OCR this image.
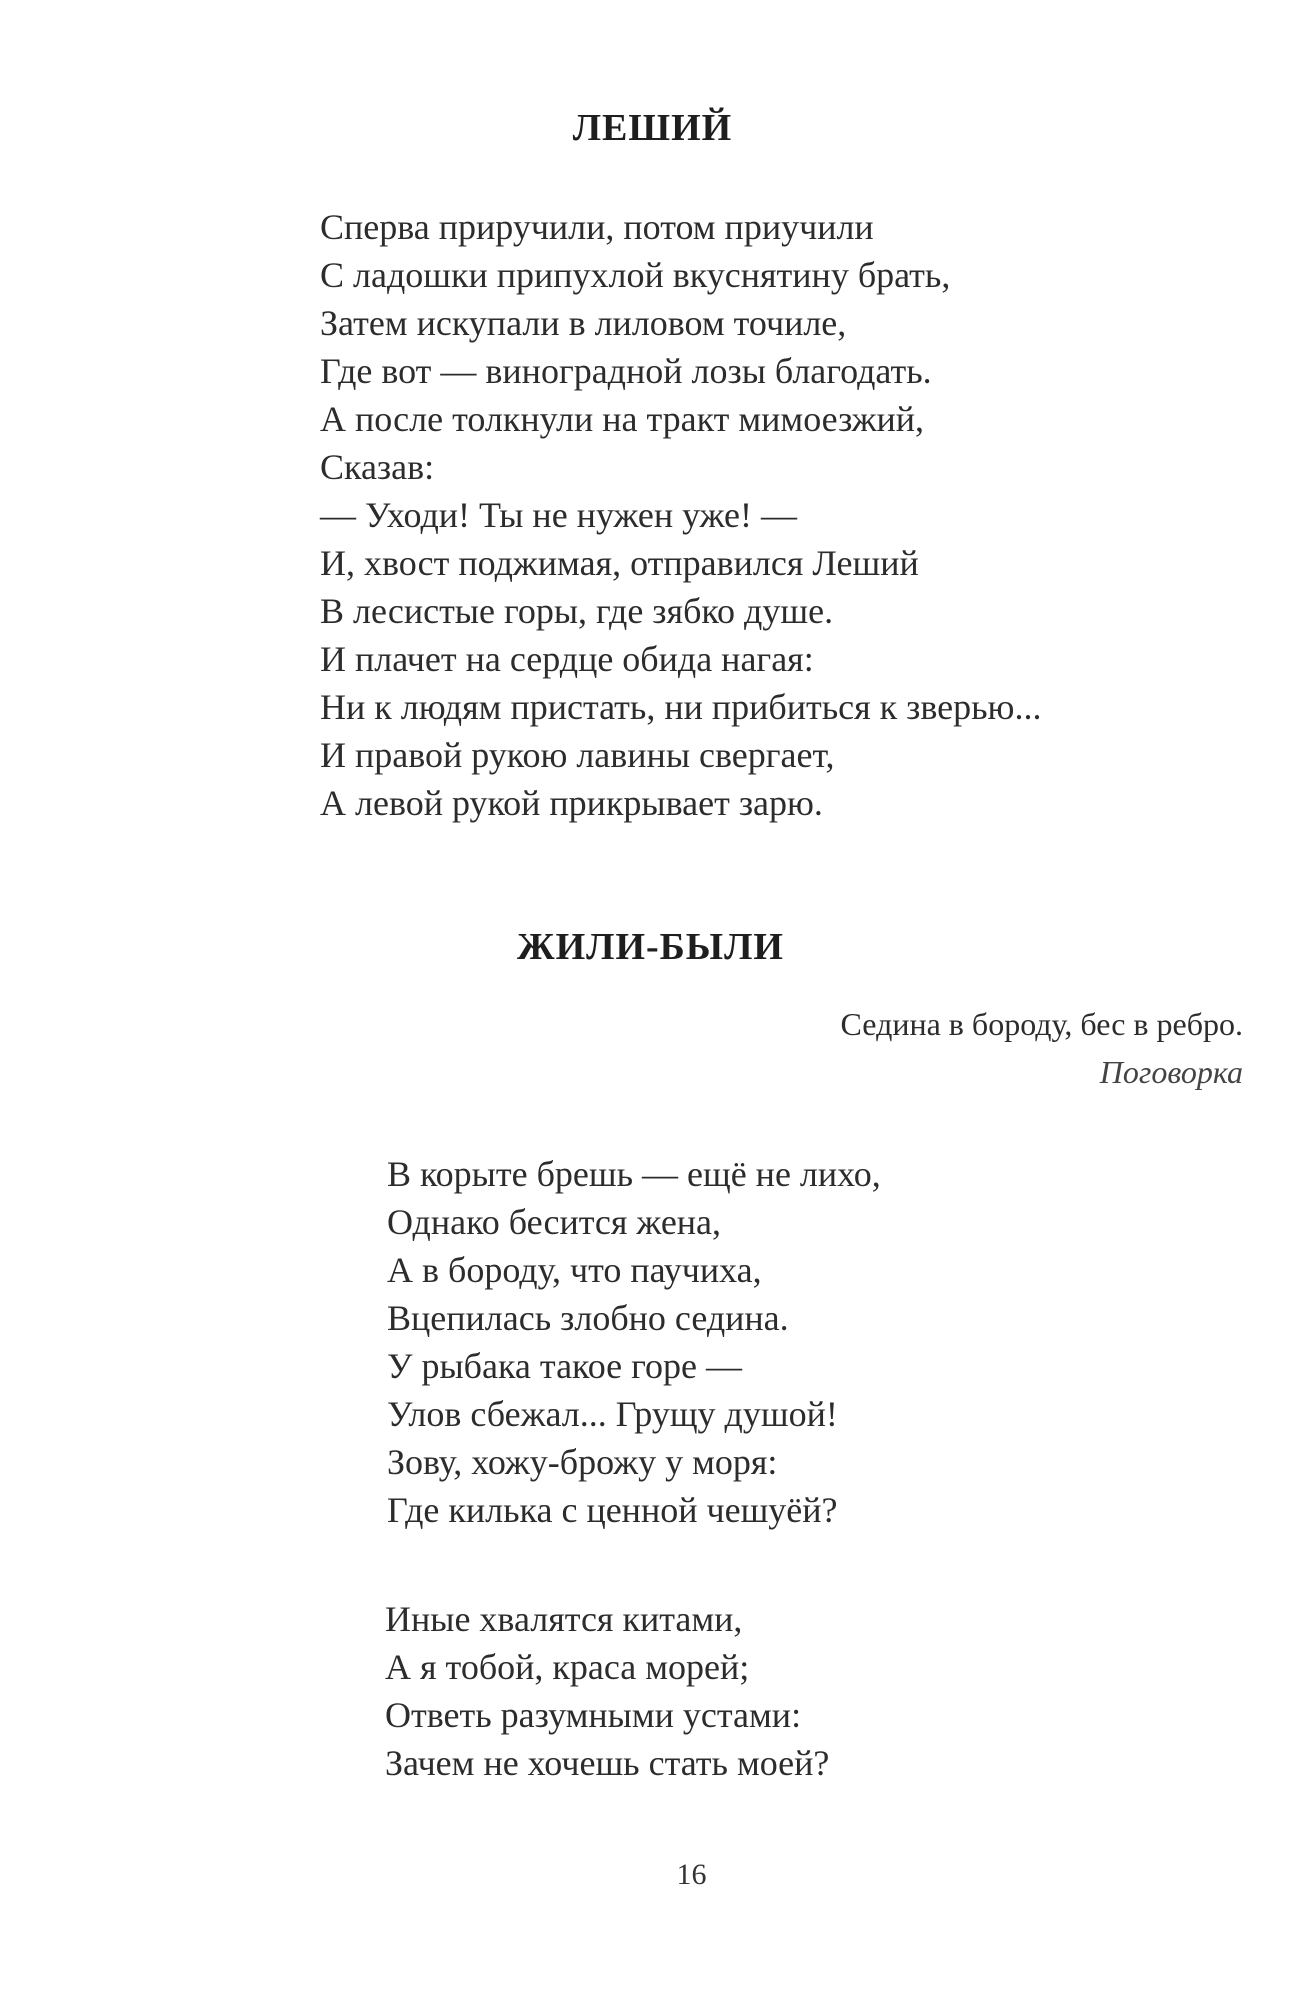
ЛЕШИЙ
Сперва приручили, потом приучили
С ладошки припухлой вкуснятину брать,
Затем искупали в лиловом точиле,
Где вот — виноградной лозы благодать.
А после толкнули на тракт мимоезжий,
Сказав:
— Уходи! Ты не нужен уже! —
И, хвост поджимая, отправился Леший
В лесистые горы, где зябко душе.
И плачет на сердце обида нагая:
Ни к людям пристать, ни прибиться к зверью...
И правой рукою лавины свергает,
А левой рукой прикрывает зарю.
ЖИЛИ-БЫЛИ
Седина в бороду, бес в ребро.
Поговорка
В корыте брешь — ещё не лихо,
Однако бесится жена,
А в бороду, что паучиха,
Вцепилась злобно седина.
У рыбака такое горе —
Улов сбежал... Грущу душой!
Зову, хожу-брожу у моря:
Где килька с ценной чешуёй?
Иные хвалятся китами,
А я тобой, краса морей;
Ответь разумными устами:
Зачем не хочешь стать моей?
16
